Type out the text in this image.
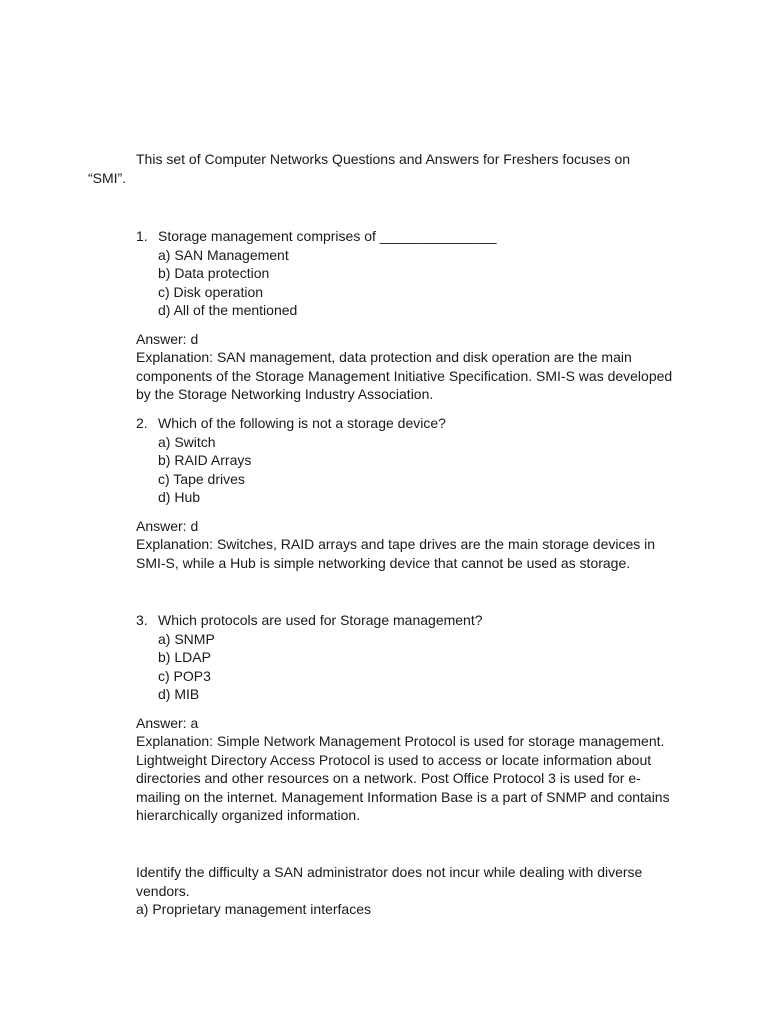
This set of Computer Networks Questions and Answers for Freshers focuses on
“SMI”.
1. Storage management comprises of _______________
a) SAN Management
b) Data protection
c) Disk operation
d) All of the mentioned
Answer: d
Explanation: SAN management, data protection and disk operation are the main components of the Storage Management Initiative Specification. SMI-S was developed by the Storage Networking Industry Association.
2. Which of the following is not a storage device?
a) Switch
b) RAID Arrays
c) Tape drives
d) Hub
Answer: d
Explanation: Switches, RAID arrays and tape drives are the main storage devices in SMI-S, while a Hub is simple networking device that cannot be used as storage.
3. Which protocols are used for Storage management?
a) SNMP
b) LDAP
c) POP3
d) MIB
Answer: a
Explanation: Simple Network Management Protocol is used for storage management. Lightweight Directory Access Protocol is used to access or locate information about directories and other resources on a network. Post Office Protocol 3 is used for e-mailing on the internet. Management Information Base is a part of SNMP and contains hierarchically organized information.
Identify the difficulty a SAN administrator does not incur while dealing with diverse vendors.
a) Proprietary management interfaces
